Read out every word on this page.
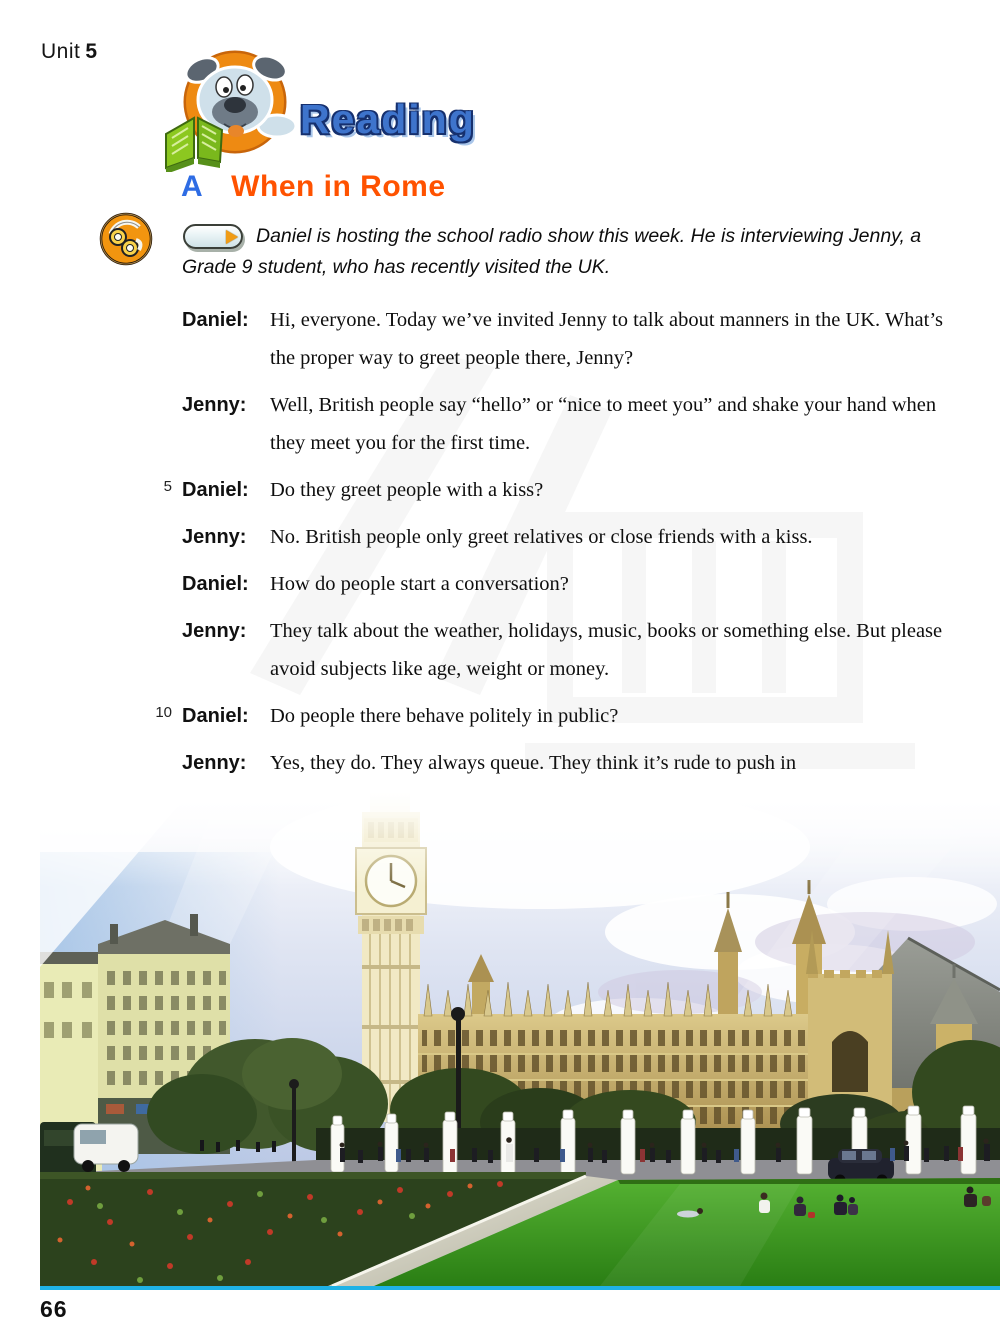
Unit 5
Reading
A When in Rome
Daniel is hosting the school radio show this week. He is interviewing Jenny, a Grade 9 student, who has recently visited the UK.
Daniel:	Hi, everyone. Today we’ve invited Jenny to talk about manners in the UK. What’s the proper way to greet people there, Jenny?
Jenny:	Well, British people say “hello” or “nice to meet you” and shake your hand when they meet you for the first time.
5 Daniel:	Do they greet people with a kiss?
Jenny:	No. British people only greet relatives or close friends with a kiss.
Daniel:	How do people start a conversation?
Jenny:	They talk about the weather, holidays, music, books or something else. But please avoid subjects like age, weight or money.
10 Daniel:	Do people there behave politely in public?
Jenny:	Yes, they do. They always queue. They think it’s rude to push in
66
